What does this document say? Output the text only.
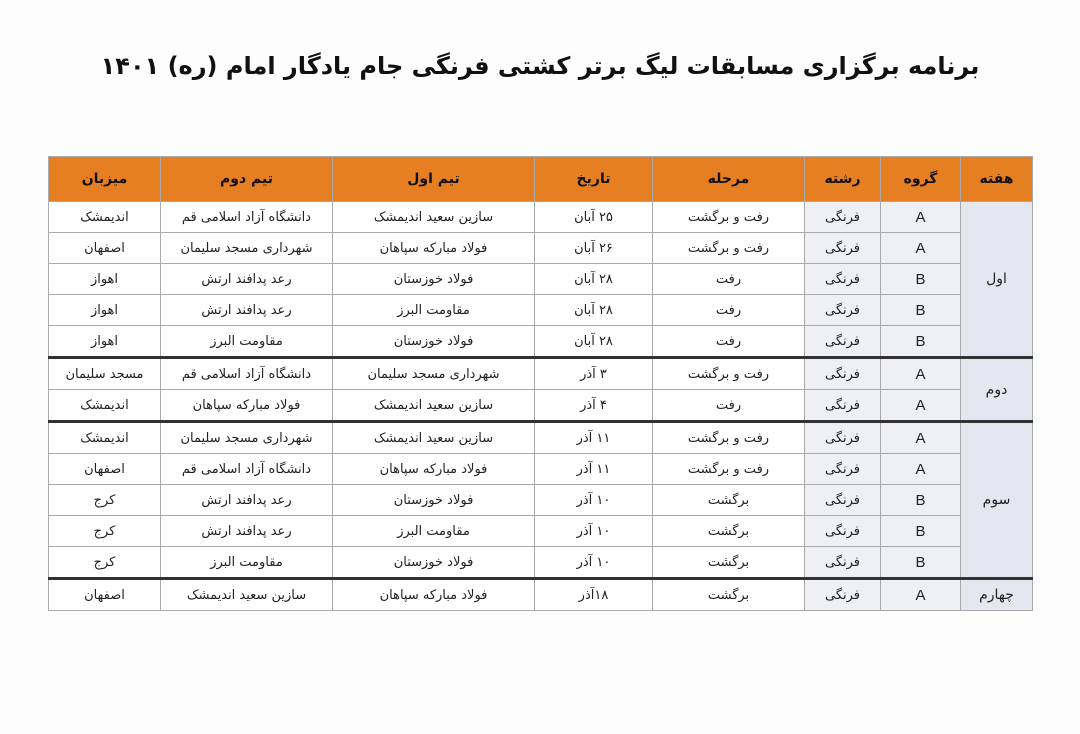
برنامه برگزاری مسابقات لیگ برتر کشتی فرنگی جام یادگار امام (ره) ۱۴۰۱
هفته	گروه	رشته	مرحله	تاریخ	تیم اول	تیم دوم	میزبان
اول	A	فرنگی	رفت و برگشت	۲۵ آبان	سازین سعید اندیمشک	دانشگاه آزاد اسلامی قم	اندیمشک
	A	فرنگی	رفت و برگشت	۲۶ آبان	فولاد مبارکه سپاهان	شهرداری مسجد سلیمان	اصفهان
	B	فرنگی	رفت	۲۸ آبان	فولاد خوزستان	رعد پدافند ارتش	اهواز
	B	فرنگی	رفت	۲۸ آبان	مقاومت البرز	رعد پدافند ارتش	اهواز
	B	فرنگی	رفت	۲۸ آبان	فولاد خوزستان	مقاومت البرز	اهواز
دوم	A	فرنگی	رفت و برگشت	۳ آذر	شهرداری مسجد سلیمان	دانشگاه آزاد اسلامی قم	مسجد سلیمان
	A	فرنگی	رفت	۴ آذر	سازین سعید اندیمشک	فولاد مبارکه سپاهان	اندیمشک
سوم	A	فرنگی	رفت و برگشت	۱۱ آذر	سازین سعید اندیمشک	شهرداری مسجد سلیمان	اندیمشک
	A	فرنگی	رفت و برگشت	۱۱ آذر	فولاد مبارکه سپاهان	دانشگاه آزاد اسلامی قم	اصفهان
	B	فرنگی	برگشت	۱۰ آذر	فولاد خوزستان	رعد پدافند ارتش	کرج
	B	فرنگی	برگشت	۱۰ آذر	مقاومت البرز	رعد پدافند ارتش	کرج
	B	فرنگی	برگشت	۱۰ آذر	فولاد خوزستان	مقاومت البرز	کرج
چهارم	A	فرنگی	برگشت	۱۸آذر	فولاد مبارکه سپاهان	سازین سعید اندیمشک	اصفهان
